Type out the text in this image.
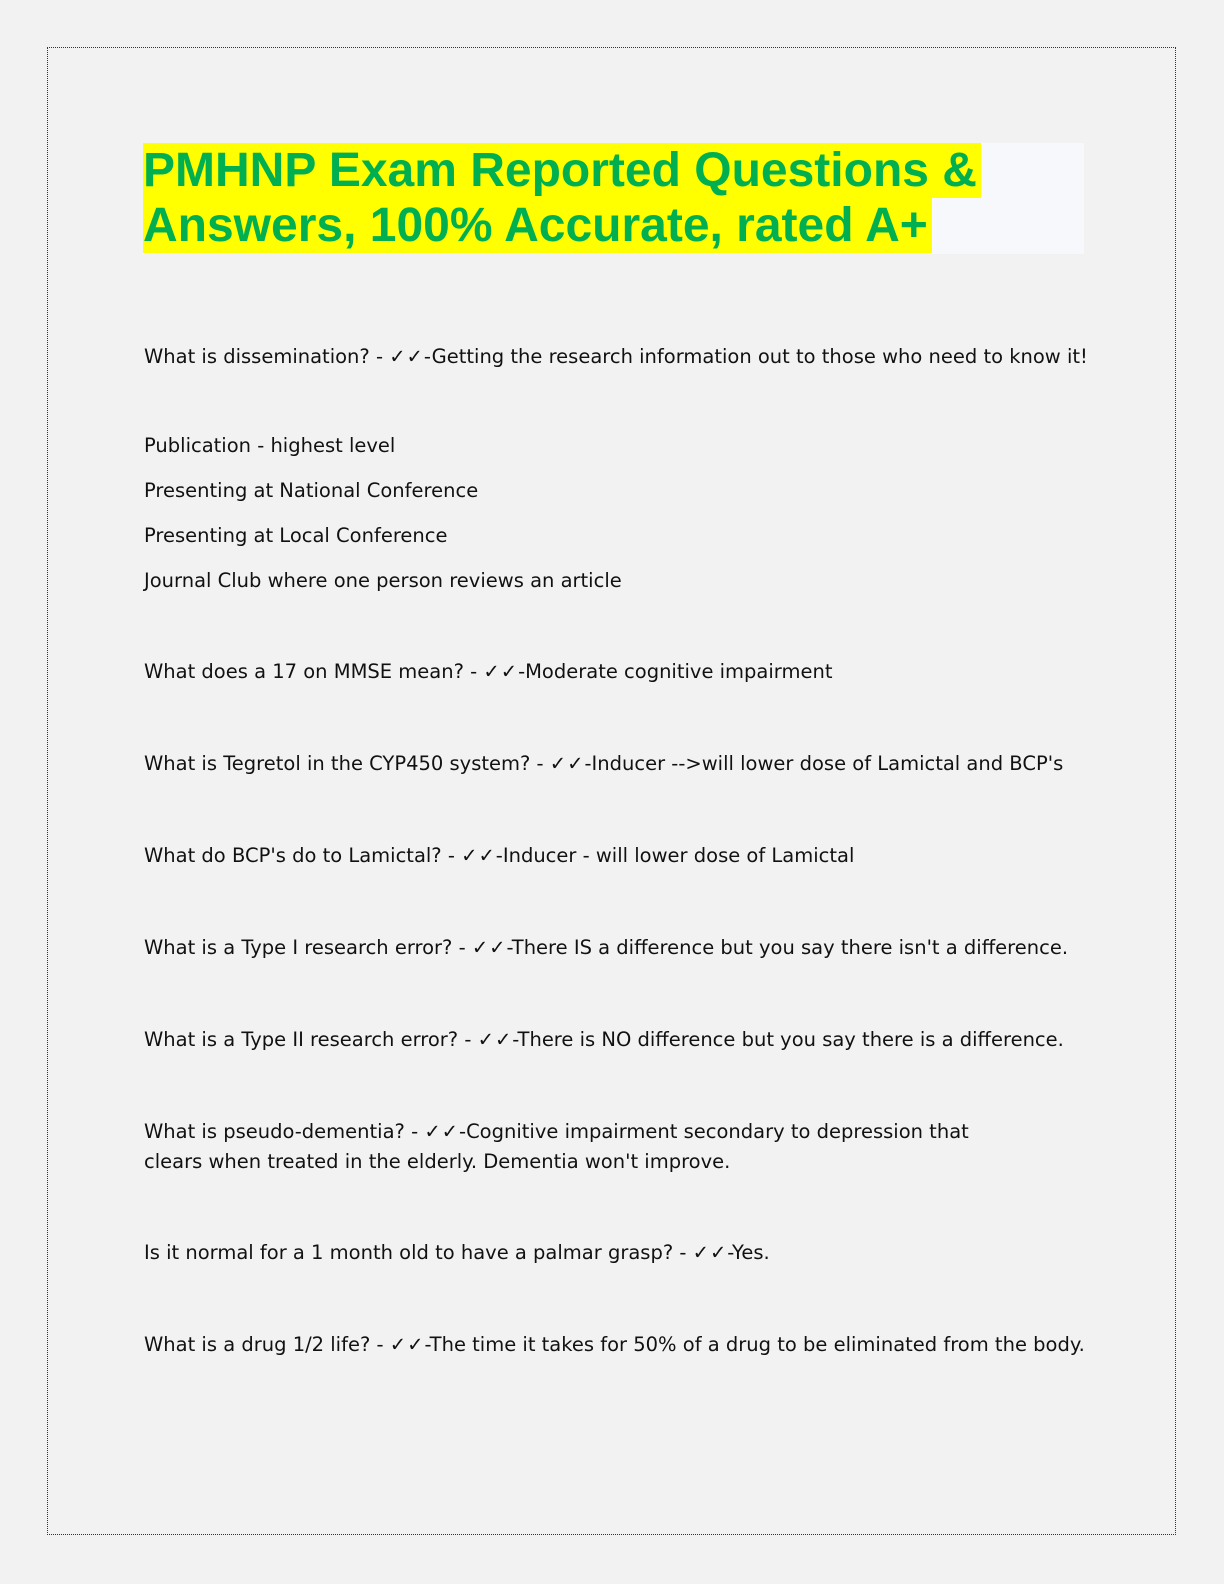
PMHNP Exam Reported Questions &
Answers, 100% Accurate, rated A+
What is dissemination? - ✓✓-Getting the research information out to those who need to know it!
Publication - highest level
Presenting at National Conference
Presenting at Local Conference
Journal Club where one person reviews an article
What does a 17 on MMSE mean? - ✓✓-Moderate cognitive impairment
What is Tegretol in the CYP450 system? - ✓✓-Inducer -->will lower dose of Lamictal and BCP's
What do BCP's do to Lamictal? - ✓✓-Inducer - will lower dose of Lamictal
What is a Type I research error? - ✓✓-There IS a difference but you say there isn't a difference.
What is a Type II research error? - ✓✓-There is NO difference but you say there is a difference.
What is pseudo-dementia? - ✓✓-Cognitive impairment secondary to depression that clears when treated in the elderly. Dementia won't improve.
Is it normal for a 1 month old to have a palmar grasp? - ✓✓-Yes.
What is a drug 1/2 life? - ✓✓-The time it takes for 50% of a drug to be eliminated from the body.
